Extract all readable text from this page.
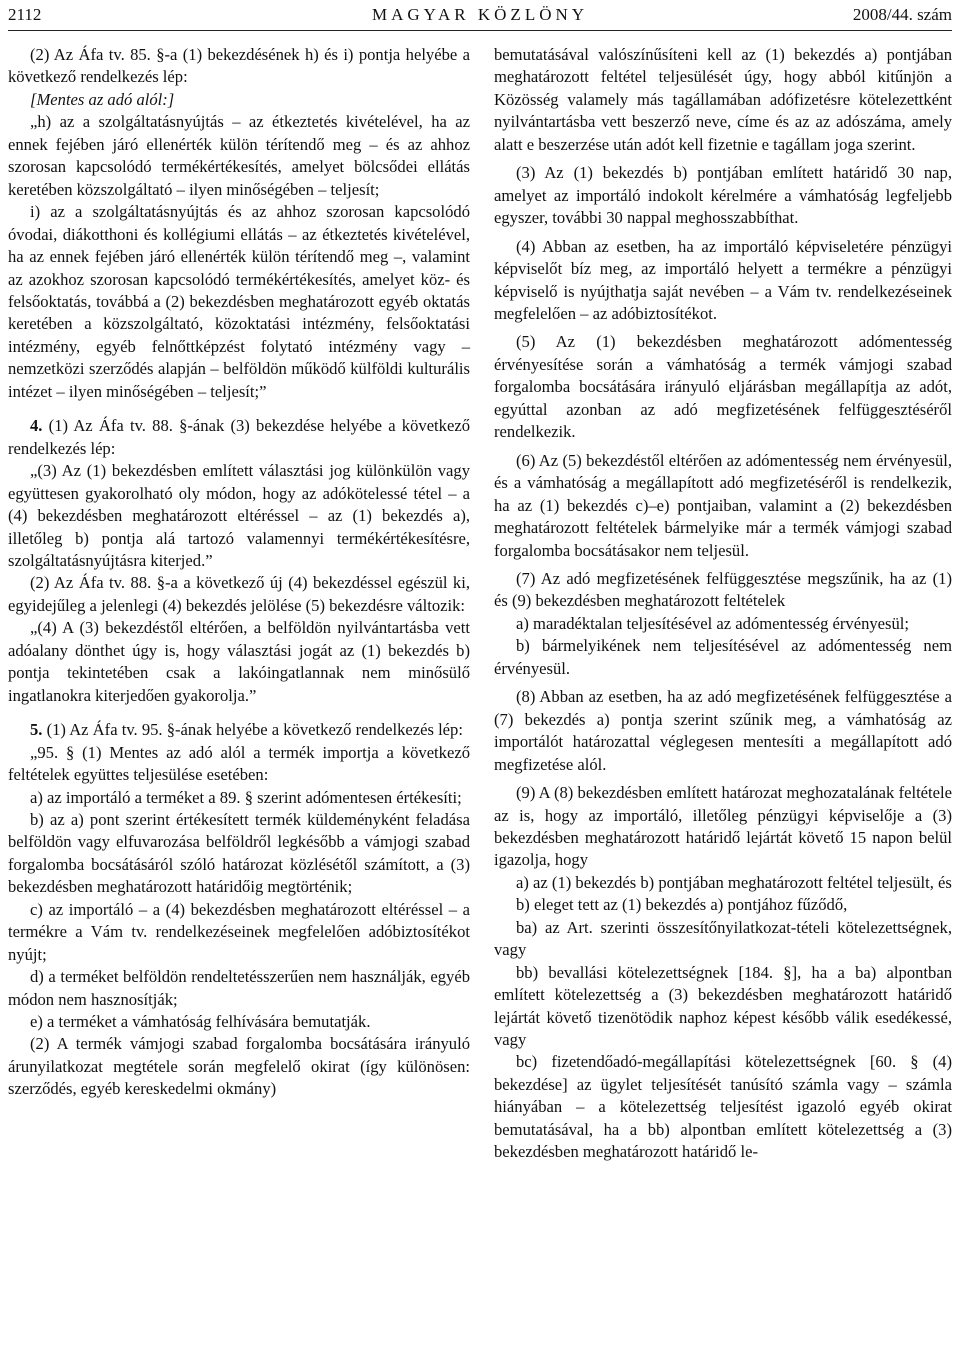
2112	MAGYAR KÖZLÖNY	2008/44. szám

(2) Az Áfa tv. 85. §-a (1) bekezdésének h) és i) pontja helyébe a következő rendelkezés lép:

[Mentes az adó alól:]

„h) az a szolgáltatásnyújtás – az étkeztetés kivételével, ha az ennek fejében járó ellenérték külön térítendő meg – és az ahhoz szorosan kapcsolódó termékértékesítés, amelyet bölcsődei ellátás keretében közszolgáltató – ilyen minőségében – teljesít;

i) az a szolgáltatásnyújtás és az ahhoz szorosan kapcsolódó óvodai, diákotthoni és kollégiumi ellátás – az étkeztetés kivételével, ha az ennek fejében járó ellenérték külön térítendő meg –, valamint az azokhoz szorosan kapcsolódó termékértékesítés, amelyet köz- és felsőoktatás, továbbá a (2) bekezdésben meghatározott egyéb oktatás keretében a közszolgáltató, közoktatási intézmény, felsőoktatási intézmény, egyéb felnőttképzést folytató intézmény vagy – nemzetközi szerződés alapján – belföldön működő külföldi kulturális intézet – ilyen minőségében – teljesít;”

4. (1) Az Áfa tv. 88. §-ának (3) bekezdése helyébe a következő rendelkezés lép:

„(3) Az (1) bekezdésben említett választási jog különkülön vagy együttesen gyakorolható oly módon, hogy az adókötelessé tétel – a (4) bekezdésben meghatározott eltéréssel – az (1) bekezdés a), illetőleg b) pontja alá tartozó valamennyi termékértékesítésre, szolgáltatásnyújtásra kiterjed.”

(2) Az Áfa tv. 88. §-a a következő új (4) bekezdéssel egészül ki, egyidejűleg a jelenlegi (4) bekezdés jelölése (5) bekezdésre változik:

„(4) A (3) bekezdéstől eltérően, a belföldön nyilvántartásba vett adóalany dönthet úgy is, hogy választási jogát az (1) bekezdés b) pontja tekintetében csak a lakóingatlannak nem minősülő ingatlanokra kiterjedően gyakorolja.”

5. (1) Az Áfa tv. 95. §-ának helyébe a következő rendelkezés lép:

„95. § (1) Mentes az adó alól a termék importja a következő feltételek együttes teljesülése esetében:

a) az importáló a terméket a 89. § szerint adómentesen értékesíti;

b) az a) pont szerint értékesített termék küldeményként feladása belföldön vagy elfuvarozása belföldről legkésőbb a vámjogi szabad forgalomba bocsátásáról szóló határozat közlésétől számított, a (3) bekezdésben meghatározott határidőig megtörténik;

c) az importáló – a (4) bekezdésben meghatározott eltéréssel – a termékre a Vám tv. rendelkezéseinek megfelelően adóbiztosítékot nyújt;

d) a terméket belföldön rendeltetésszerűen nem használják, egyéb módon nem hasznosítják;

e) a terméket a vámhatóság felhívására bemutatják.

(2) A termék vámjogi szabad forgalomba bocsátására irányuló árunyilatkozat megtétele során megfelelő okirat (így különösen: szerződés, egyéb kereskedelmi okmány)

bemutatásával valószínűsíteni kell az (1) bekezdés a) pontjában meghatározott feltétel teljesülését úgy, hogy abból kitűnjön a Közösség valamely más tagállamában adófizetésre kötelezettként nyilvántartásba vett beszerző neve, címe és az az adószáma, amely alatt e beszerzése után adót kell fizetnie e tagállam joga szerint.

(3) Az (1) bekezdés b) pontjában említett határidő 30 nap, amelyet az importáló indokolt kérelmére a vámhatóság legfeljebb egyszer, további 30 nappal meghosszabbíthat.

(4) Abban az esetben, ha az importáló képviseletére pénzügyi képviselőt bíz meg, az importáló helyett a termékre a pénzügyi képviselő is nyújthatja saját nevében – a Vám tv. rendelkezéseinek megfelelően – az adóbiztosítékot.

(5) Az (1) bekezdésben meghatározott adómentesség érvényesítése során a vámhatóság a termék vámjogi szabad forgalomba bocsátására irányuló eljárásban megállapítja az adót, egyúttal azonban az adó megfizetésének felfüggesztéséről rendelkezik.

(6) Az (5) bekezdéstől eltérően az adómentesség nem érvényesül, és a vámhatóság a megállapított adó megfizetéséről is rendelkezik, ha az (1) bekezdés c)–e) pontjaiban, valamint a (2) bekezdésben meghatározott feltételek bármelyike már a termék vámjogi szabad forgalomba bocsátásakor nem teljesül.

(7) Az adó megfizetésének felfüggesztése megszűnik, ha az (1) és (9) bekezdésben meghatározott feltételek

a) maradéktalan teljesítésével az adómentesség érvényesül;

b) bármelyikének nem teljesítésével az adómentesség nem érvényesül.

(8) Abban az esetben, ha az adó megfizetésének felfüggesztése a (7) bekezdés a) pontja szerint szűnik meg, a vámhatóság az importálót határozattal véglegesen mentesíti a megállapított adó megfizetése alól.

(9) A (8) bekezdésben említett határozat meghozatalának feltétele az is, hogy az importáló, illetőleg pénzügyi képviselője a (3) bekezdésben meghatározott határidő lejártát követő 15 napon belül igazolja, hogy

a) az (1) bekezdés b) pontjában meghatározott feltétel teljesült, és

b) eleget tett az (1) bekezdés a) pontjához fűződő,

ba) az Art. szerinti összesítőnyilatkozat-tételi kötelezettségnek, vagy

bb) bevallási kötelezettségnek [184. §], ha a ba) alpontban említett kötelezettség a (3) bekezdésben meghatározott határidő lejártát követő tizenötödik naphoz képest később válik esedékessé, vagy

bc) fizetendőadó-megállapítási kötelezettségnek [60. § (4) bekezdése] az ügylet teljesítését tanúsító számla vagy – számla hiányában – a kötelezettség teljesítést igazoló egyéb okirat bemutatásával, ha a bb) alpontban említett kötelezettség a (3) bekezdésben meghatározott határidő le-
